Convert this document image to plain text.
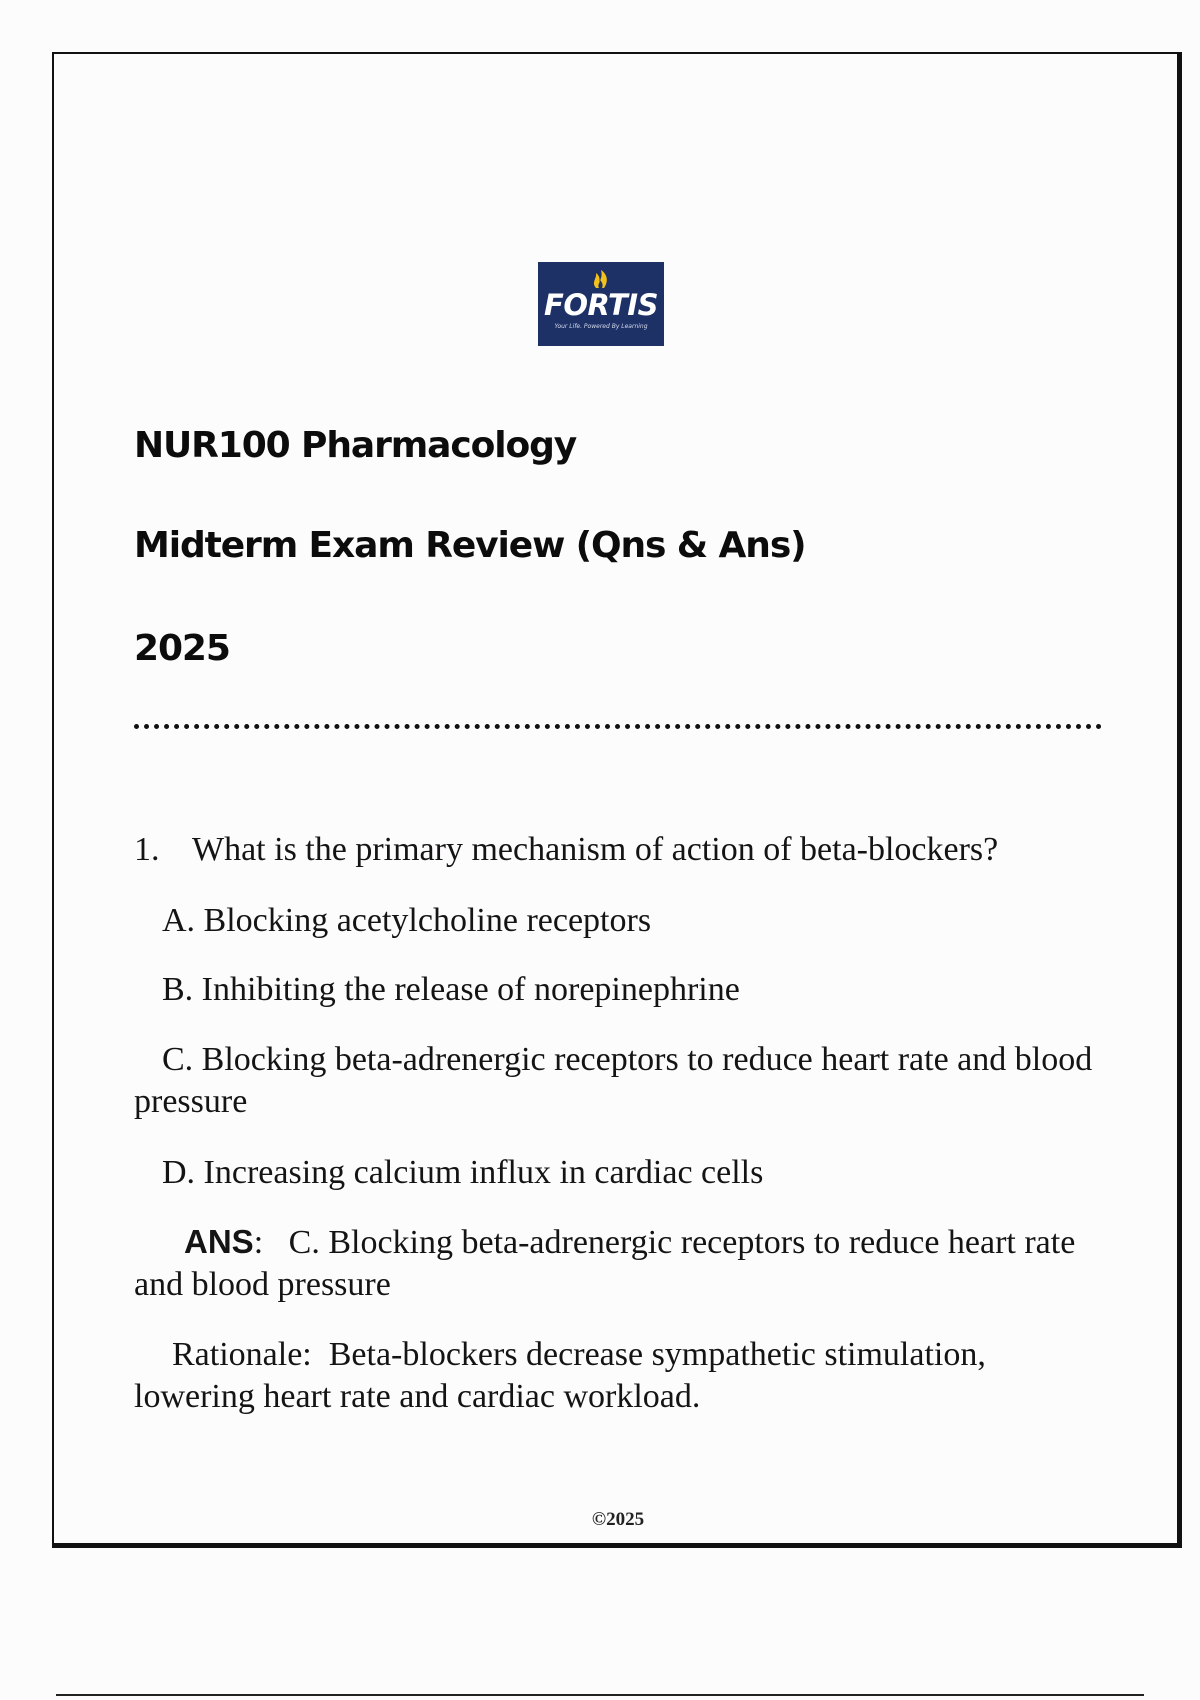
FORTIS
Your Life. Powered By Learning
NUR100 Pharmacology
Midterm Exam Review (Qns & Ans)
2025
1. What is the primary mechanism of action of beta-blockers?
A. Blocking acetylcholine receptors
B. Inhibiting the release of norepinephrine
C. Blocking beta-adrenergic receptors to reduce heart rate and blood pressure
D. Increasing calcium influx in cardiac cells
ANS:   C. Blocking beta-adrenergic receptors to reduce heart rate and blood pressure
Rationale: Beta-blockers decrease sympathetic stimulation, lowering heart rate and cardiac workload.
©2025
